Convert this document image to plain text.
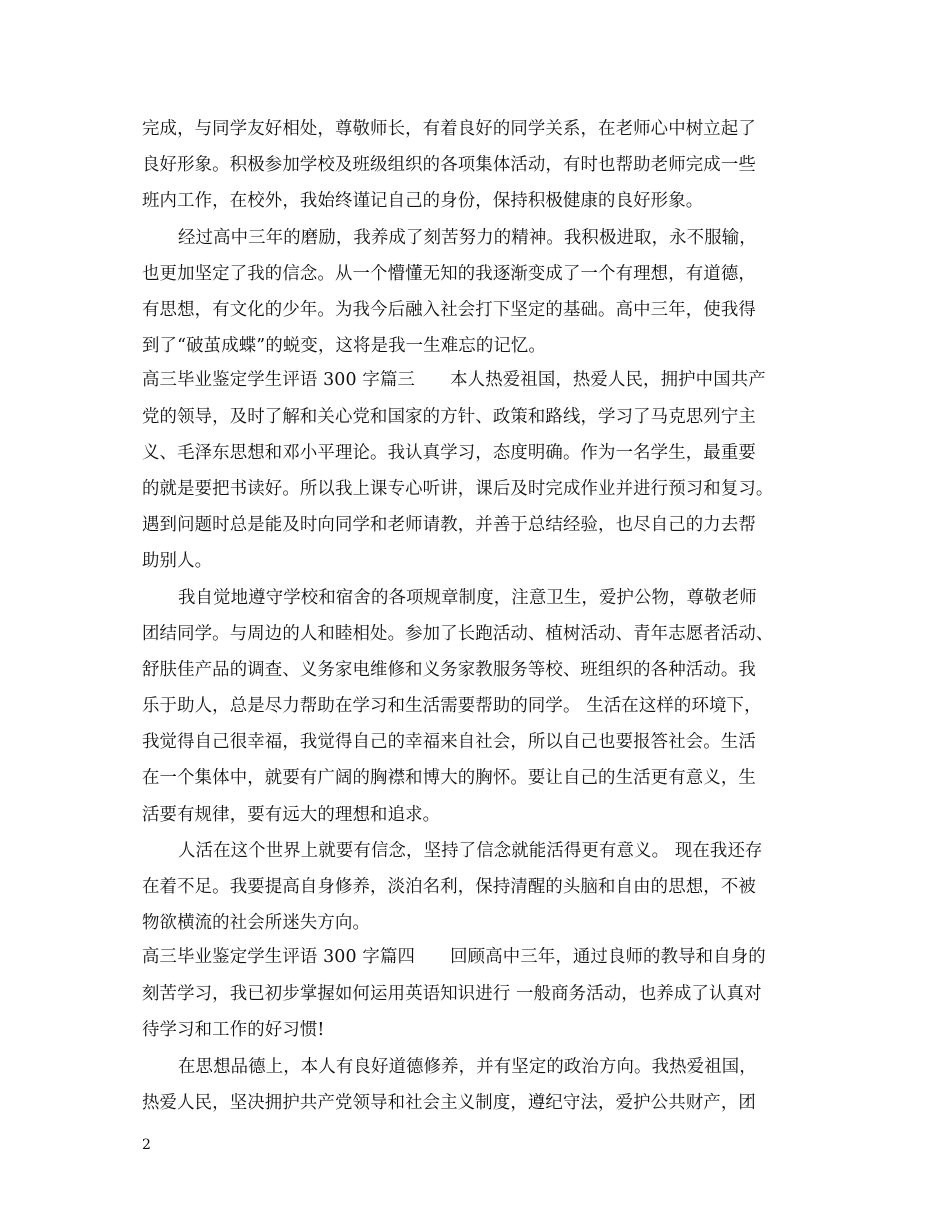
完成，与同学友好相处，尊敬师长，有着良好的同学关系，在老师心中树立起了
良好形象。积极参加学校及班级组织的各项集体活动，有时也帮助老师完成一些
班内工作，在校外，我始终谨记自己的身份，保持积极健康的良好形象。
经过高中三年的磨励，我养成了刻苦努力的精神。我积极进取，永不服输，
也更加坚定了我的信念。从一个懵懂无知的我逐渐变成了一个有理想，有道德，
有思想，有文化的少年。为我今后融入社会打下坚定的基础。高中三年，使我得
到了“破茧成蝶”的蜕变，这将是我一生难忘的记忆。
高三毕业鉴定学生评语 300 字篇三　　本人热爱祖国，热爱人民，拥护中国共产
党的领导，及时了解和关心党和国家的方针、政策和路线，学习了马克思列宁主
义、毛泽东思想和邓小平理论。我认真学习，态度明确。作为一名学生，最重要
的就是要把书读好。所以我上课专心听讲，课后及时完成作业并进行预习和复习。
遇到问题时总是能及时向同学和老师请教，并善于总结经验，也尽自己的力去帮
助别人。
我自觉地遵守学校和宿舍的各项规章制度，注意卫生，爱护公物，尊敬老师
团结同学。与周边的人和睦相处。参加了长跑活动、植树活动、青年志愿者活动、
舒肤佳产品的调查、义务家电维修和义务家教服务等校、班组织的各种活动。我
乐于助人，总是尽力帮助在学习和生活需要帮助的同学。 生活在这样的环境下，
我觉得自己很幸福，我觉得自己的幸福来自社会，所以自己也要报答社会。生活
在一个集体中，就要有广阔的胸襟和博大的胸怀。要让自己的生活更有意义，生
活要有规律，要有远大的理想和追求。
人活在这个世界上就要有信念，坚持了信念就能活得更有意义。 现在我还存
在着不足。我要提高自身修养，淡泊名利，保持清醒的头脑和自由的思想，不被
物欲横流的社会所迷失方向。
高三毕业鉴定学生评语 300 字篇四　　回顾高中三年，通过良师的教导和自身的
刻苦学习，我已初步掌握如何运用英语知识进行 一般商务活动，也养成了认真对
待学习和工作的好习惯!
在思想品德上，本人有良好道德修养，并有坚定的政治方向。我热爱祖国，
热爱人民，坚决拥护共产党领导和社会主义制度，遵纪守法，爱护公共财产，团
2
